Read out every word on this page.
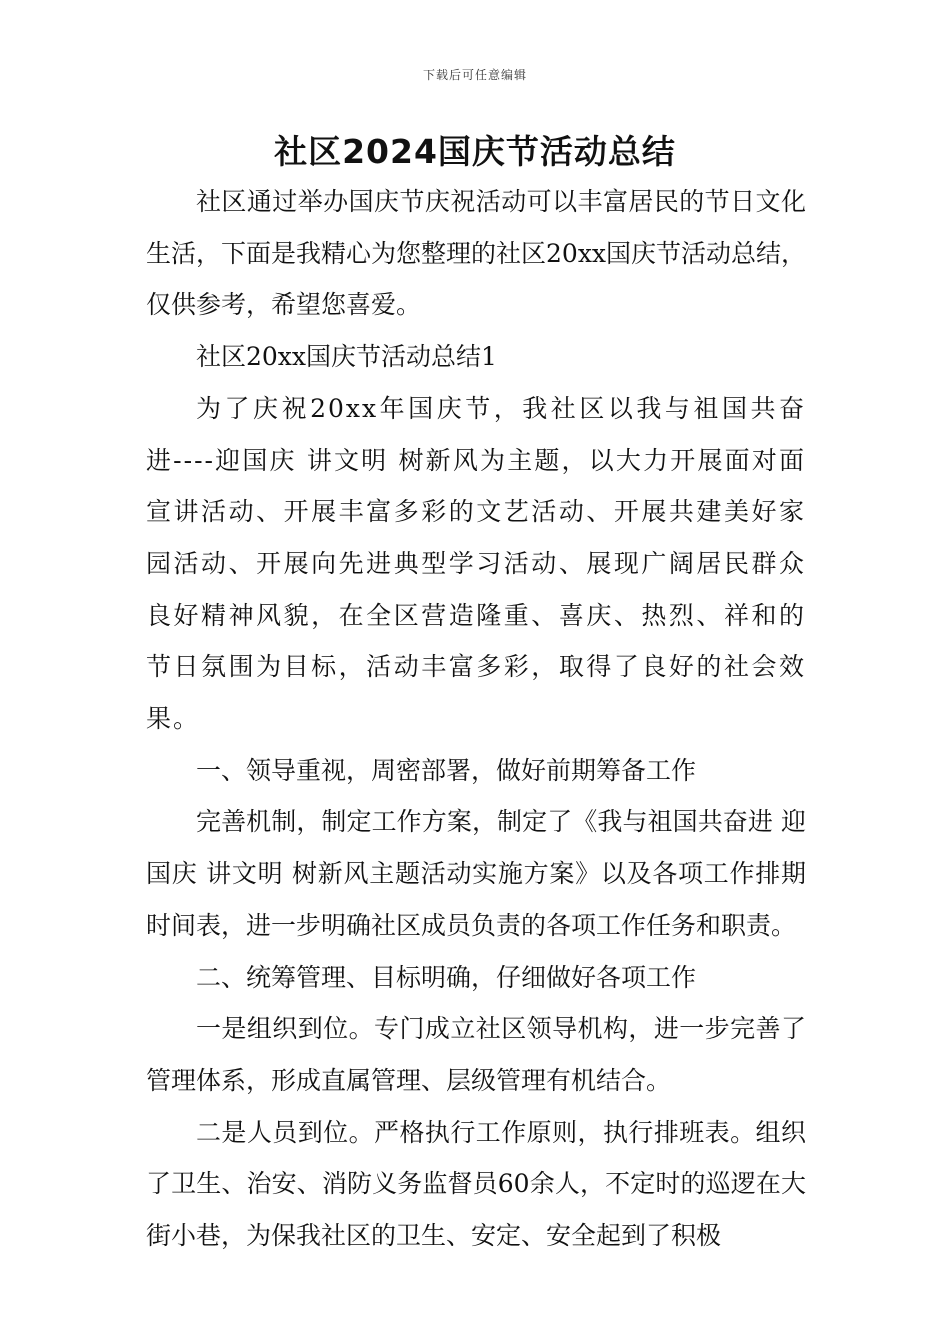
下载后可任意编辑
社区2024国庆节活动总结

社区通过举办国庆节庆祝活动可以丰富居民的节日文化生活，下面是我精心为您整理的社区20xx国庆节活动总结，仅供参考，希望您喜爱。

社区20xx国庆节活动总结1

为了庆祝20xx年国庆节，我社区以我与祖国共奋进----迎国庆 讲文明 树新风为主题，以大力开展面对面宣讲活动、开展丰富多彩的文艺活动、开展共建美好家园活动、开展向先进典型学习活动、展现广阔居民群众良好精神风貌，在全区营造隆重、喜庆、热烈、祥和的节日氛围为目标，活动丰富多彩，取得了良好的社会效果。

一、领导重视，周密部署，做好前期筹备工作

完善机制，制定工作方案，制定了《我与祖国共奋进 迎国庆 讲文明 树新风主题活动实施方案》以及各项工作排期时间表，进一步明确社区成员负责的各项工作任务和职责。

二、统筹管理、目标明确，仔细做好各项工作

一是组织到位。专门成立社区领导机构，进一步完善了管理体系，形成直属管理、层级管理有机结合。

二是人员到位。严格执行工作原则，执行排班表。组织了卫生、治安、消防义务监督员60余人，不定时的巡逻在大街小巷，为保我社区的卫生、安定、安全起到了积极
